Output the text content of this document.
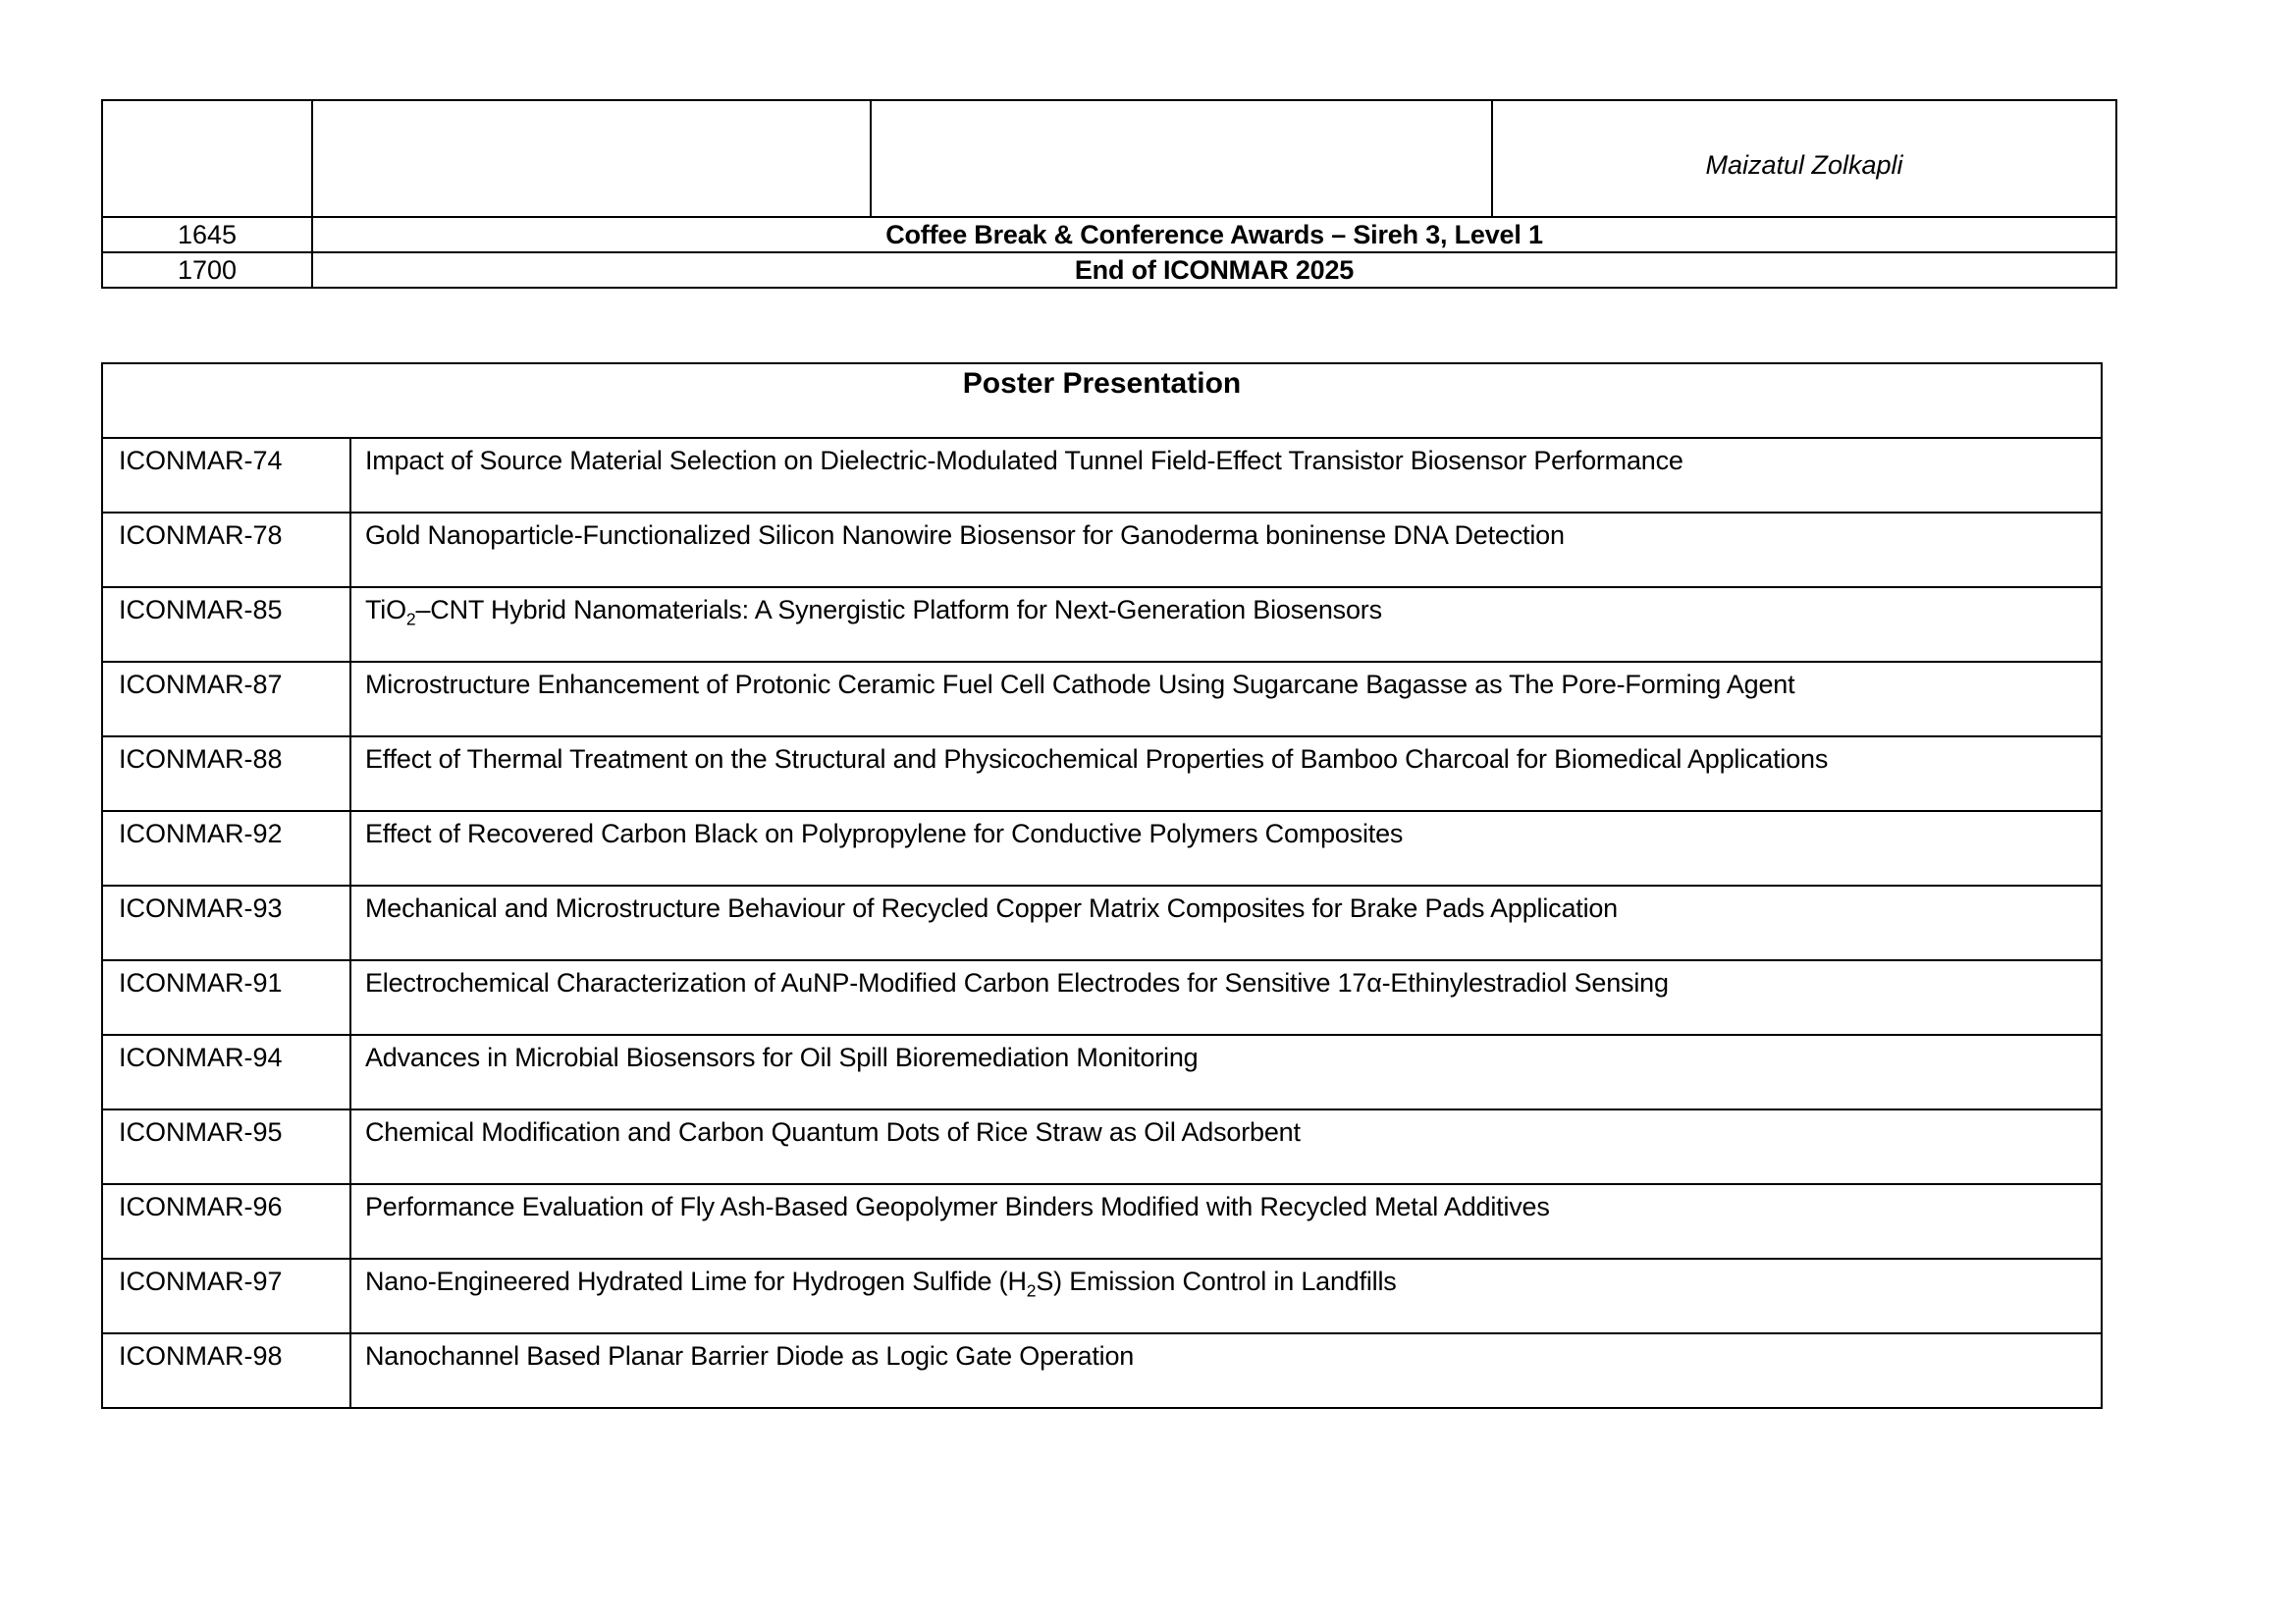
			Maizatul Zolkapli
1645	Coffee Break & Conference Awards – Sireh 3, Level 1		
1700	End of ICONMAR 2025		
Poster Presentation	
ICONMAR-74	Impact of Source Material Selection on Dielectric-Modulated Tunnel Field-Effect Transistor Biosensor Performance
ICONMAR-78	Gold Nanoparticle-Functionalized Silicon Nanowire Biosensor for Ganoderma boninense DNA Detection
ICONMAR-85	TiO$_2$–CNT Hybrid Nanomaterials: A Synergistic Platform for Next-Generation Biosensors
ICONMAR-87	Microstructure Enhancement of Protonic Ceramic Fuel Cell Cathode Using Sugarcane Bagasse as The Pore-Forming Agent
ICONMAR-88	Effect of Thermal Treatment on the Structural and Physicochemical Properties of Bamboo Charcoal for Biomedical Applications
ICONMAR-92	Effect of Recovered Carbon Black on Polypropylene for Conductive Polymers Composites
ICONMAR-93	Mechanical and Microstructure Behaviour of Recycled Copper Matrix Composites for Brake Pads Application
ICONMAR-91	Electrochemical Characterization of AuNP-Modified Carbon Electrodes for Sensitive 17α-Ethinylestradiol Sensing
ICONMAR-94	Advances in Microbial Biosensors for Oil Spill Bioremediation Monitoring
ICONMAR-95	Chemical Modification and Carbon Quantum Dots of Rice Straw as Oil Adsorbent
ICONMAR-96	Performance Evaluation of Fly Ash-Based Geopolymer Binders Modified with Recycled Metal Additives
ICONMAR-97	Nano-Engineered Hydrated Lime for Hydrogen Sulfide $(H_2S)$ Emission Control in Landfills
ICONMAR-98	Nanochannel Based Planar Barrier Diode as Logic Gate Operation
